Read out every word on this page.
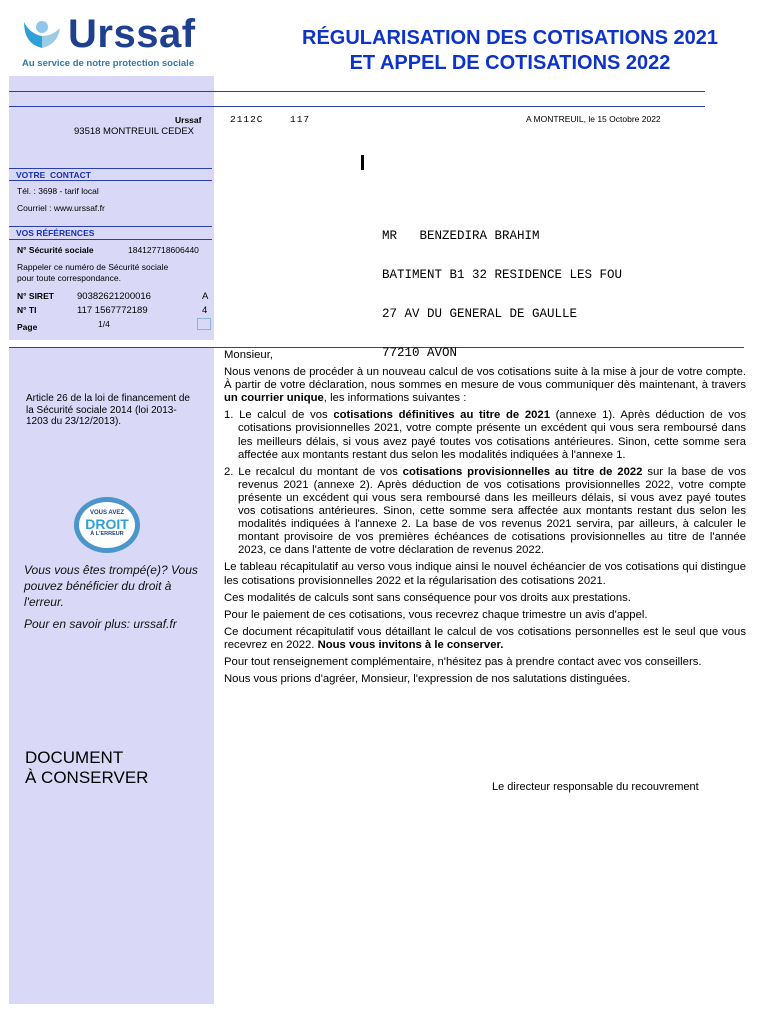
Urssaf
Au service de notre protection sociale
RÉGULARISATION DES COTISATIONS 2021
ET APPEL DE COTISATIONS 2022
Urssaf
93518 MONTREUIL CEDEX
2112C	117	A MONTREUIL, le 15 Octobre 2022
VOTRE  CONTACT
Tél. : 3698 - tarif local
Courriel : www.urssaf.fr
VOS RÉFÉRENCES
N° Sécurité sociale	184127718606440
Rappeler ce numéro de Sécurité sociale pour toute correspondance.
N° SIRET 90382621200016	A
N° TI	117 1567772189	4
Page	1/4

MR   BENZEDIRA BRAHIM

BATIMENT B1 32 RESIDENCE LES FOU

27 AV DU GENERAL DE GAULLE

77210 AVON

Article 26 de la loi de financement de la Sécurité sociale 2014 (loi 2013-1203 du 23/12/2013).
VOUS AVEZ
DROIT
À L'ERREUR
Vous vous êtes trompé(e)? Vous pouvez bénéficier du droit à l'erreur.
Pour en savoir plus: urssaf.fr
DOCUMENT
À CONSERVER

Monsieur,

Nous venons de procéder à un nouveau calcul de vos cotisations suite à la mise à jour de votre compte. À partir de votre déclaration, nous sommes en mesure de vous communiquer dès maintenant, à travers un courrier unique, les informations suivantes :

1. Le calcul de vos cotisations définitives au titre de 2021 (annexe 1). Après déduction de vos cotisations provisionnelles 2021, votre compte présente un excédent qui vous sera remboursé dans les meilleurs délais, si vous avez payé toutes vos cotisations antérieures. Sinon, cette somme sera affectée aux montants restant dus selon les modalités indiquées à l'annexe 1.

2. Le recalcul du montant de vos cotisations provisionnelles au titre de 2022 sur la base de vos revenus 2021 (annexe 2). Après déduction de vos cotisations provisionnelles 2022, votre compte présente un excédent qui vous sera remboursé dans les meilleurs délais, si vous avez payé toutes vos cotisations antérieures. Sinon, cette somme sera affectée aux montants restant dus selon les modalités indiquées à l'annexe 2. La base de vos revenus 2021 servira, par ailleurs, à calculer le montant provisoire de vos premières échéances de cotisations provisionnelles au titre de l'année 2023, ce dans l'attente de votre déclaration de revenus 2022.

Le tableau récapitulatif au verso vous indique ainsi le nouvel échéancier de vos cotisations qui distingue les cotisations provisionnelles 2022 et la régularisation des cotisations 2021.

Ces modalités de calculs sont sans conséquence pour vos droits aux prestations.

Pour le paiement de ces cotisations, vous recevrez chaque trimestre un avis d'appel.

Ce document récapitulatif vous détaillant le calcul de vos cotisations personnelles est le seul que vous recevrez en 2022. Nous vous invitons à le conserver.

Pour tout renseignement complémentaire, n'hésitez pas à prendre contact avec vos conseillers.

Nous vous prions d'agréer, Monsieur, l'expression de nos salutations distinguées.

Le directeur responsable du recouvrement
